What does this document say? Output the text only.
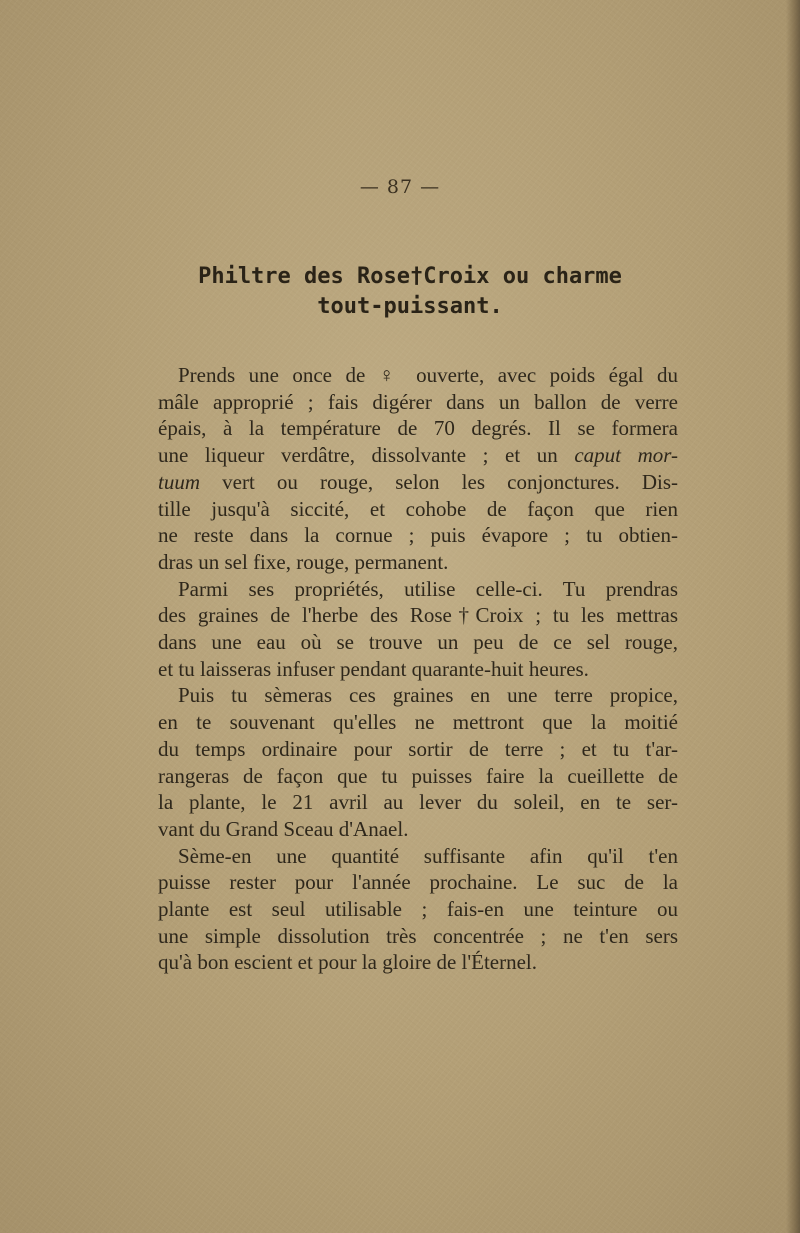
— 87 —
Philtre des Rose†Croix ou charme
tout-puissant.
Prends une once de ♀ ouverte, avec poids égal du
mâle approprié ; fais digérer dans un ballon de verre
épais, à la température de 70 degrés. Il se formera
une liqueur verdâtre, dissolvante ; et un caput mor-
tuum vert ou rouge, selon les conjonctures. Dis-
tille jusqu'à siccité, et cohobe de façon que rien
ne reste dans la cornue ; puis évapore ; tu obtien-
dras un sel fixe, rouge, permanent.
Parmi ses propriétés, utilise celle-ci. Tu prendras
des graines de l'herbe des Rose†Croix ; tu les mettras
dans une eau où se trouve un peu de ce sel rouge,
et tu laisseras infuser pendant quarante-huit heures.
Puis tu sèmeras ces graines en une terre propice,
en te souvenant qu'elles ne mettront que la moitié
du temps ordinaire pour sortir de terre ; et tu t'ar-
rangeras de façon que tu puisses faire la cueillette de
la plante, le 21 avril au lever du soleil, en te ser-
vant du Grand Sceau d'Anael.
Sème-en une quantité suffisante afin qu'il t'en
puisse rester pour l'année prochaine. Le suc de la
plante est seul utilisable ; fais-en une teinture ou
une simple dissolution très concentrée ; ne t'en sers
qu'à bon escient et pour la gloire de l'Éternel.
